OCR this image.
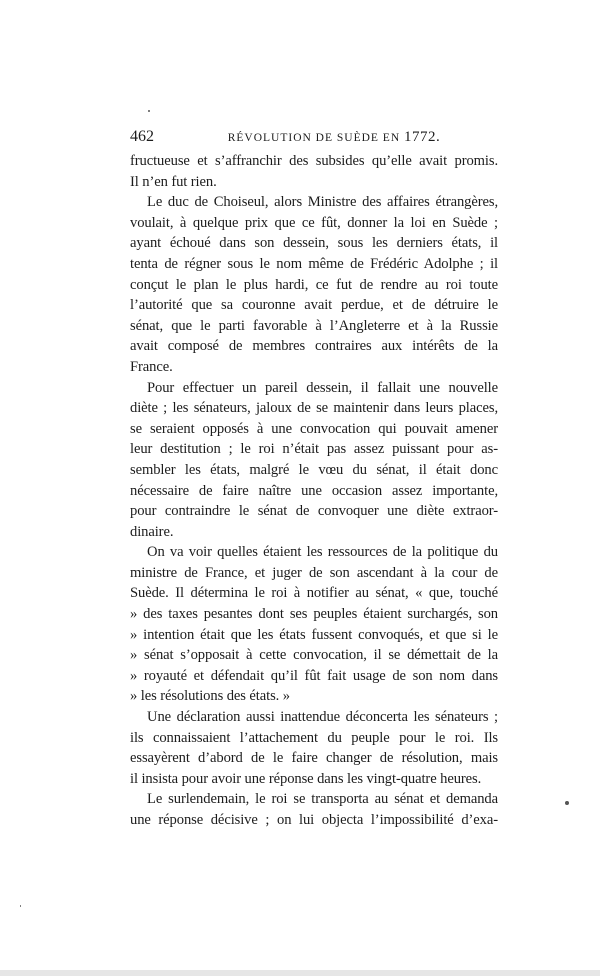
462	RÉVOLUTION DE SUÈDE EN 1772.

fructueuse et s’affranchir des subsides qu’elle avait promis.
Il n’en fut rien.

Le duc de Choiseul, alors Ministre des affaires étrangères,
voulait, à quelque prix que ce fût, donner la loi en Suède ;
ayant échoué dans son dessein, sous les derniers états, il
tenta de régner sous le nom même de Frédéric Adolphe ; il
conçut le plan le plus hardi, ce fut de rendre au roi toute
l’autorité que sa couronne avait perdue, et de détruire le
sénat, que le parti favorable à l’Angleterre et à la Russie
avait composé de membres contraires aux intérêts de la
France.

Pour effectuer un pareil dessein, il fallait une nouvelle
diète ; les sénateurs, jaloux de se maintenir dans leurs places,
se seraient opposés à une convocation qui pouvait amener
leur destitution ; le roi n’était pas assez puissant pour as-
sembler les états, malgré le vœu du sénat, il était donc
nécessaire de faire naître une occasion assez importante,
pour contraindre le sénat de convoquer une diète extraor-
dinaire.

On va voir quelles étaient les ressources de la politique du
ministre de France, et juger de son ascendant à la cour de
Suède. Il détermina le roi à notifier au sénat, « que, touché
» des taxes pesantes dont ses peuples étaient surchargés, son
» intention était que les états fussent convoqués, et que si le
» sénat s’opposait à cette convocation, il se démettait de la
» royauté et défendait qu’il fût fait usage de son nom dans
» les résolutions des états. »

Une déclaration aussi inattendue déconcerta les sénateurs ;
ils connaissaient l’attachement du peuple pour le roi. Ils
essayèrent d’abord de le faire changer de résolution, mais
il insista pour avoir une réponse dans les vingt-quatre heures.

Le surlendemain, le roi se transporta au sénat et demanda
une réponse décisive ; on lui objecta l’impossibilité d’exa-
